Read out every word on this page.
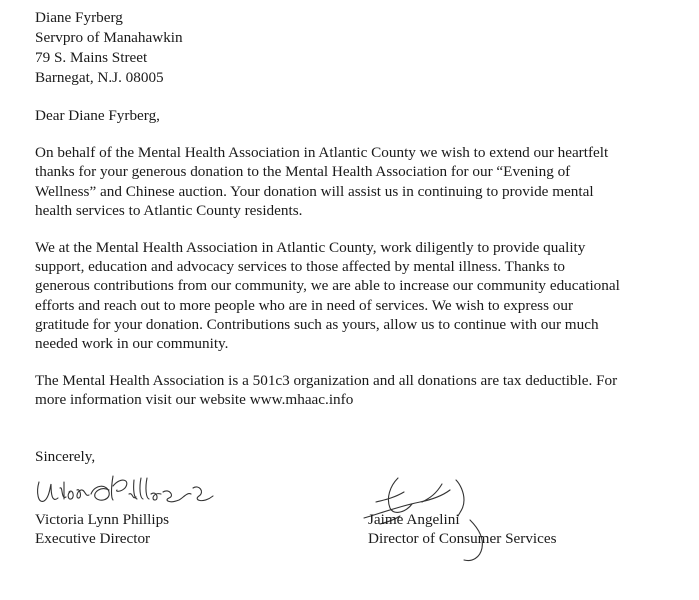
Diane Fyrberg
Servpro of Manahawkin
79 S. Mains Street
Barnegat, N.J. 08005
Dear Diane Fyrberg,
On behalf of the Mental Health Association in Atlantic County we wish to extend our heartfelt
thanks for your generous donation to the Mental Health Association for our “Evening of
Wellness” and Chinese auction. Your donation will assist us in continuing to provide mental
health services to Atlantic County residents.
We at the Mental Health Association in Atlantic County, work diligently to provide quality
support, education and advocacy services to those affected by mental illness. Thanks to
generous contributions from our community, we are able to increase our community educational
efforts and reach out to more people who are in need of services. We wish to express our
gratitude for your donation. Contributions such as yours, allow us to continue with our much
needed work in our community.
The Mental Health Association is a 501c3 organization and all donations are tax deductible. For
more information visit our website www.mhaac.info
Sincerely,
Victoria Lynn Phillips
Executive Director
Jaime Angelini
Director of Consumer Services
